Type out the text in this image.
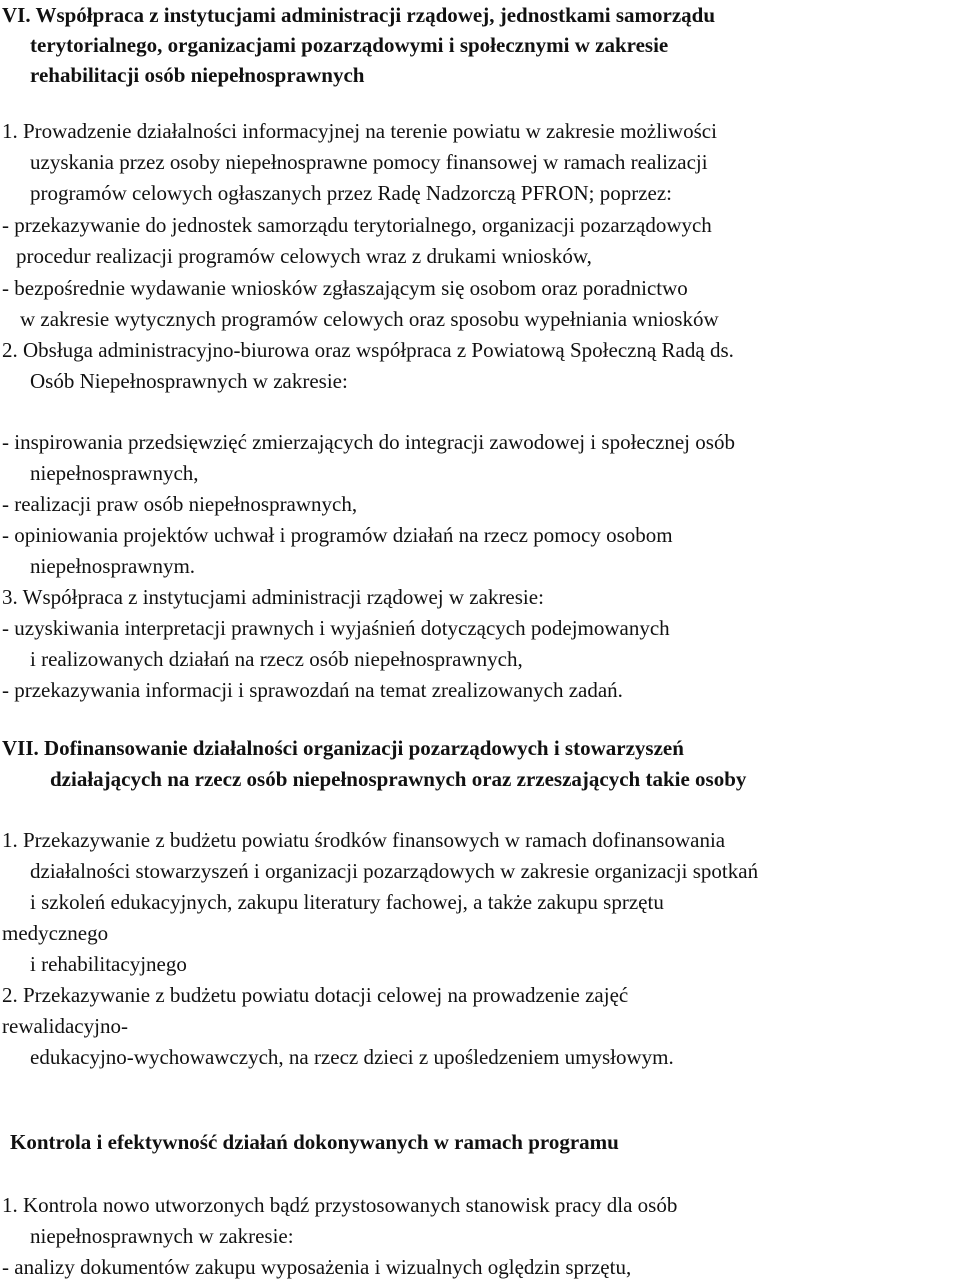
VI. Współpraca z instytucjami administracji rządowej, jednostkami samorządu
terytorialnego, organizacjami pozarządowymi i społecznymi w zakresie
rehabilitacji osób niepełnosprawnych
1. Prowadzenie działalności informacyjnej na terenie powiatu w zakresie możliwości
uzyskania przez osoby niepełnosprawne pomocy finansowej w ramach realizacji
programów celowych ogłaszanych przez Radę Nadzorczą PFRON; poprzez:
- przekazywanie do jednostek samorządu terytorialnego, organizacji pozarządowych
procedur realizacji programów celowych wraz z drukami wniosków,
- bezpośrednie wydawanie wniosków zgłaszającym się osobom oraz poradnictwo
w zakresie wytycznych programów celowych oraz sposobu wypełniania wniosków
2. Obsługa administracyjno-biurowa oraz współpraca z Powiatową Społeczną Radą ds.
Osób Niepełnosprawnych w zakresie:
- inspirowania przedsięwzięć zmierzających do integracji zawodowej i społecznej osób
niepełnosprawnych,
- realizacji praw osób niepełnosprawnych,
- opiniowania projektów uchwał i programów działań na rzecz pomocy osobom
niepełnosprawnym.
3. Współpraca z instytucjami administracji rządowej w zakresie:
- uzyskiwania interpretacji prawnych i wyjaśnień dotyczących podejmowanych
i realizowanych działań na rzecz osób niepełnosprawnych,
- przekazywania informacji i sprawozdań na temat zrealizowanych zadań.
VII. Dofinansowanie działalności organizacji pozarządowych i stowarzyszeń
działających na rzecz osób niepełnosprawnych oraz zrzeszających takie osoby
1. Przekazywanie z budżetu powiatu środków finansowych w ramach dofinansowania
działalności stowarzyszeń i organizacji pozarządowych w zakresie organizacji spotkań
i szkoleń edukacyjnych, zakupu literatury fachowej, a także zakupu sprzętu
medycznego
i rehabilitacyjnego
2. Przekazywanie z budżetu powiatu dotacji celowej na prowadzenie zajęć
rewalidacyjno-
edukacyjno-wychowawczych, na rzecz dzieci z upośledzeniem umysłowym.
Kontrola i efektywność działań dokonywanych w ramach programu
1. Kontrola nowo utworzonych bądź przystosowanych stanowisk pracy dla osób
niepełnosprawnych w zakresie:
- analizy dokumentów zakupu wyposażenia i wizualnych oględzin sprzętu,
